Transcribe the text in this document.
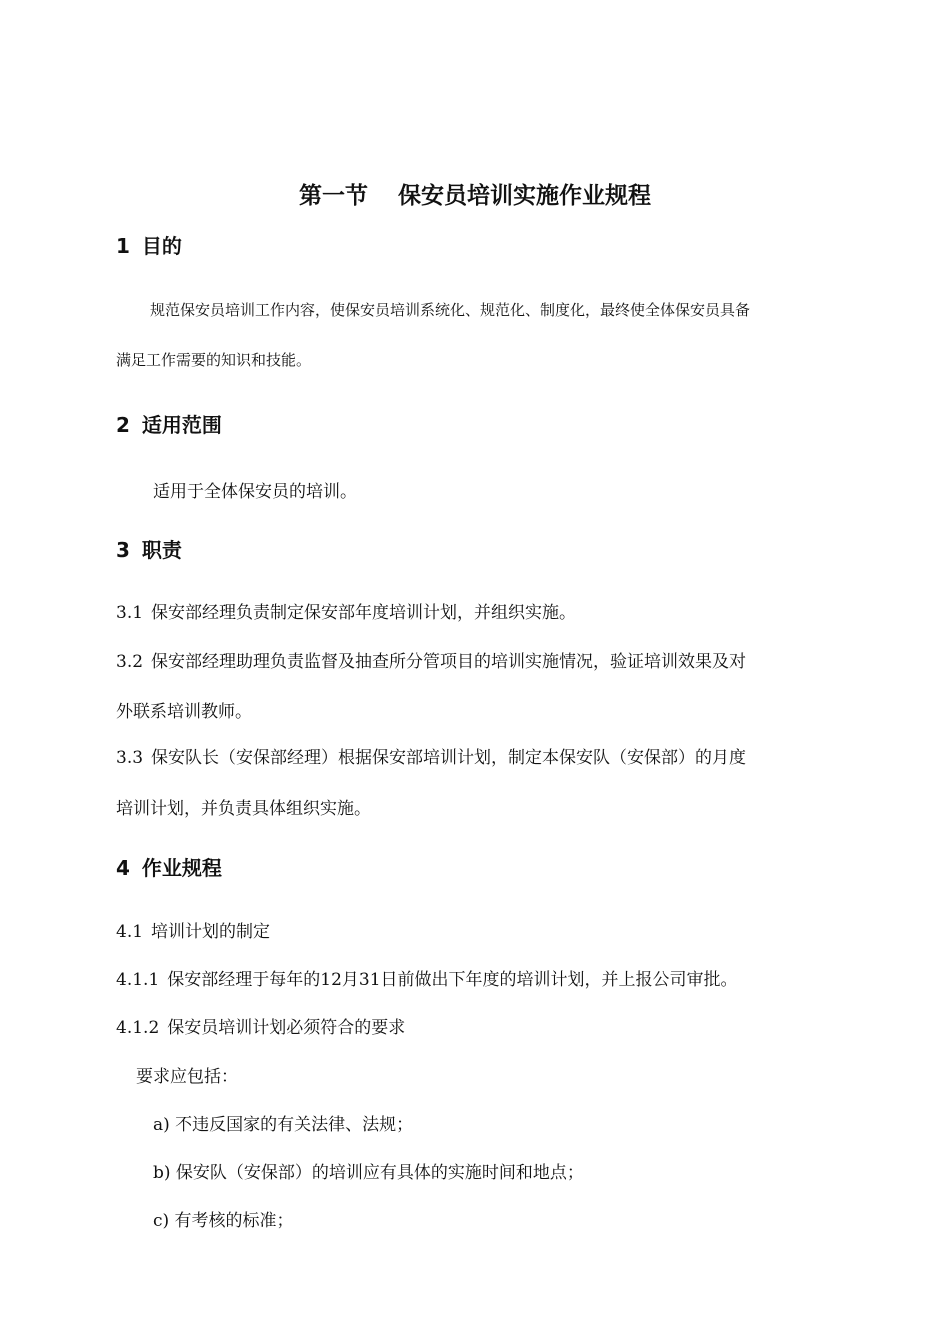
第一节 保安员培训实施作业规程
1 目的
规范保安员培训工作内容，使保安员培训系统化、规范化、制度化，最终使全体保安员具备
满足工作需要的知识和技能。
2 适用范围
适用于全体保安员的培训。
3 职责
3.1 保安部经理负责制定保安部年度培训计划，并组织实施。
3.2 保安部经理助理负责监督及抽查所分管项目的培训实施情况，验证培训效果及对
外联系培训教师。
3.3 保安队长（安保部经理）根据保安部培训计划，制定本保安队（安保部）的月度
培训计划，并负责具体组织实施。
4 作业规程
4.1 培训计划的制定
4.1.1 保安部经理于每年的12月31日前做出下年度的培训计划，并上报公司审批。
4.1.2 保安员培训计划必须符合的要求
要求应包括：
a) 不违反国家的有关法律、法规；
b) 保安队（安保部）的培训应有具体的实施时间和地点；
c) 有考核的标准；
